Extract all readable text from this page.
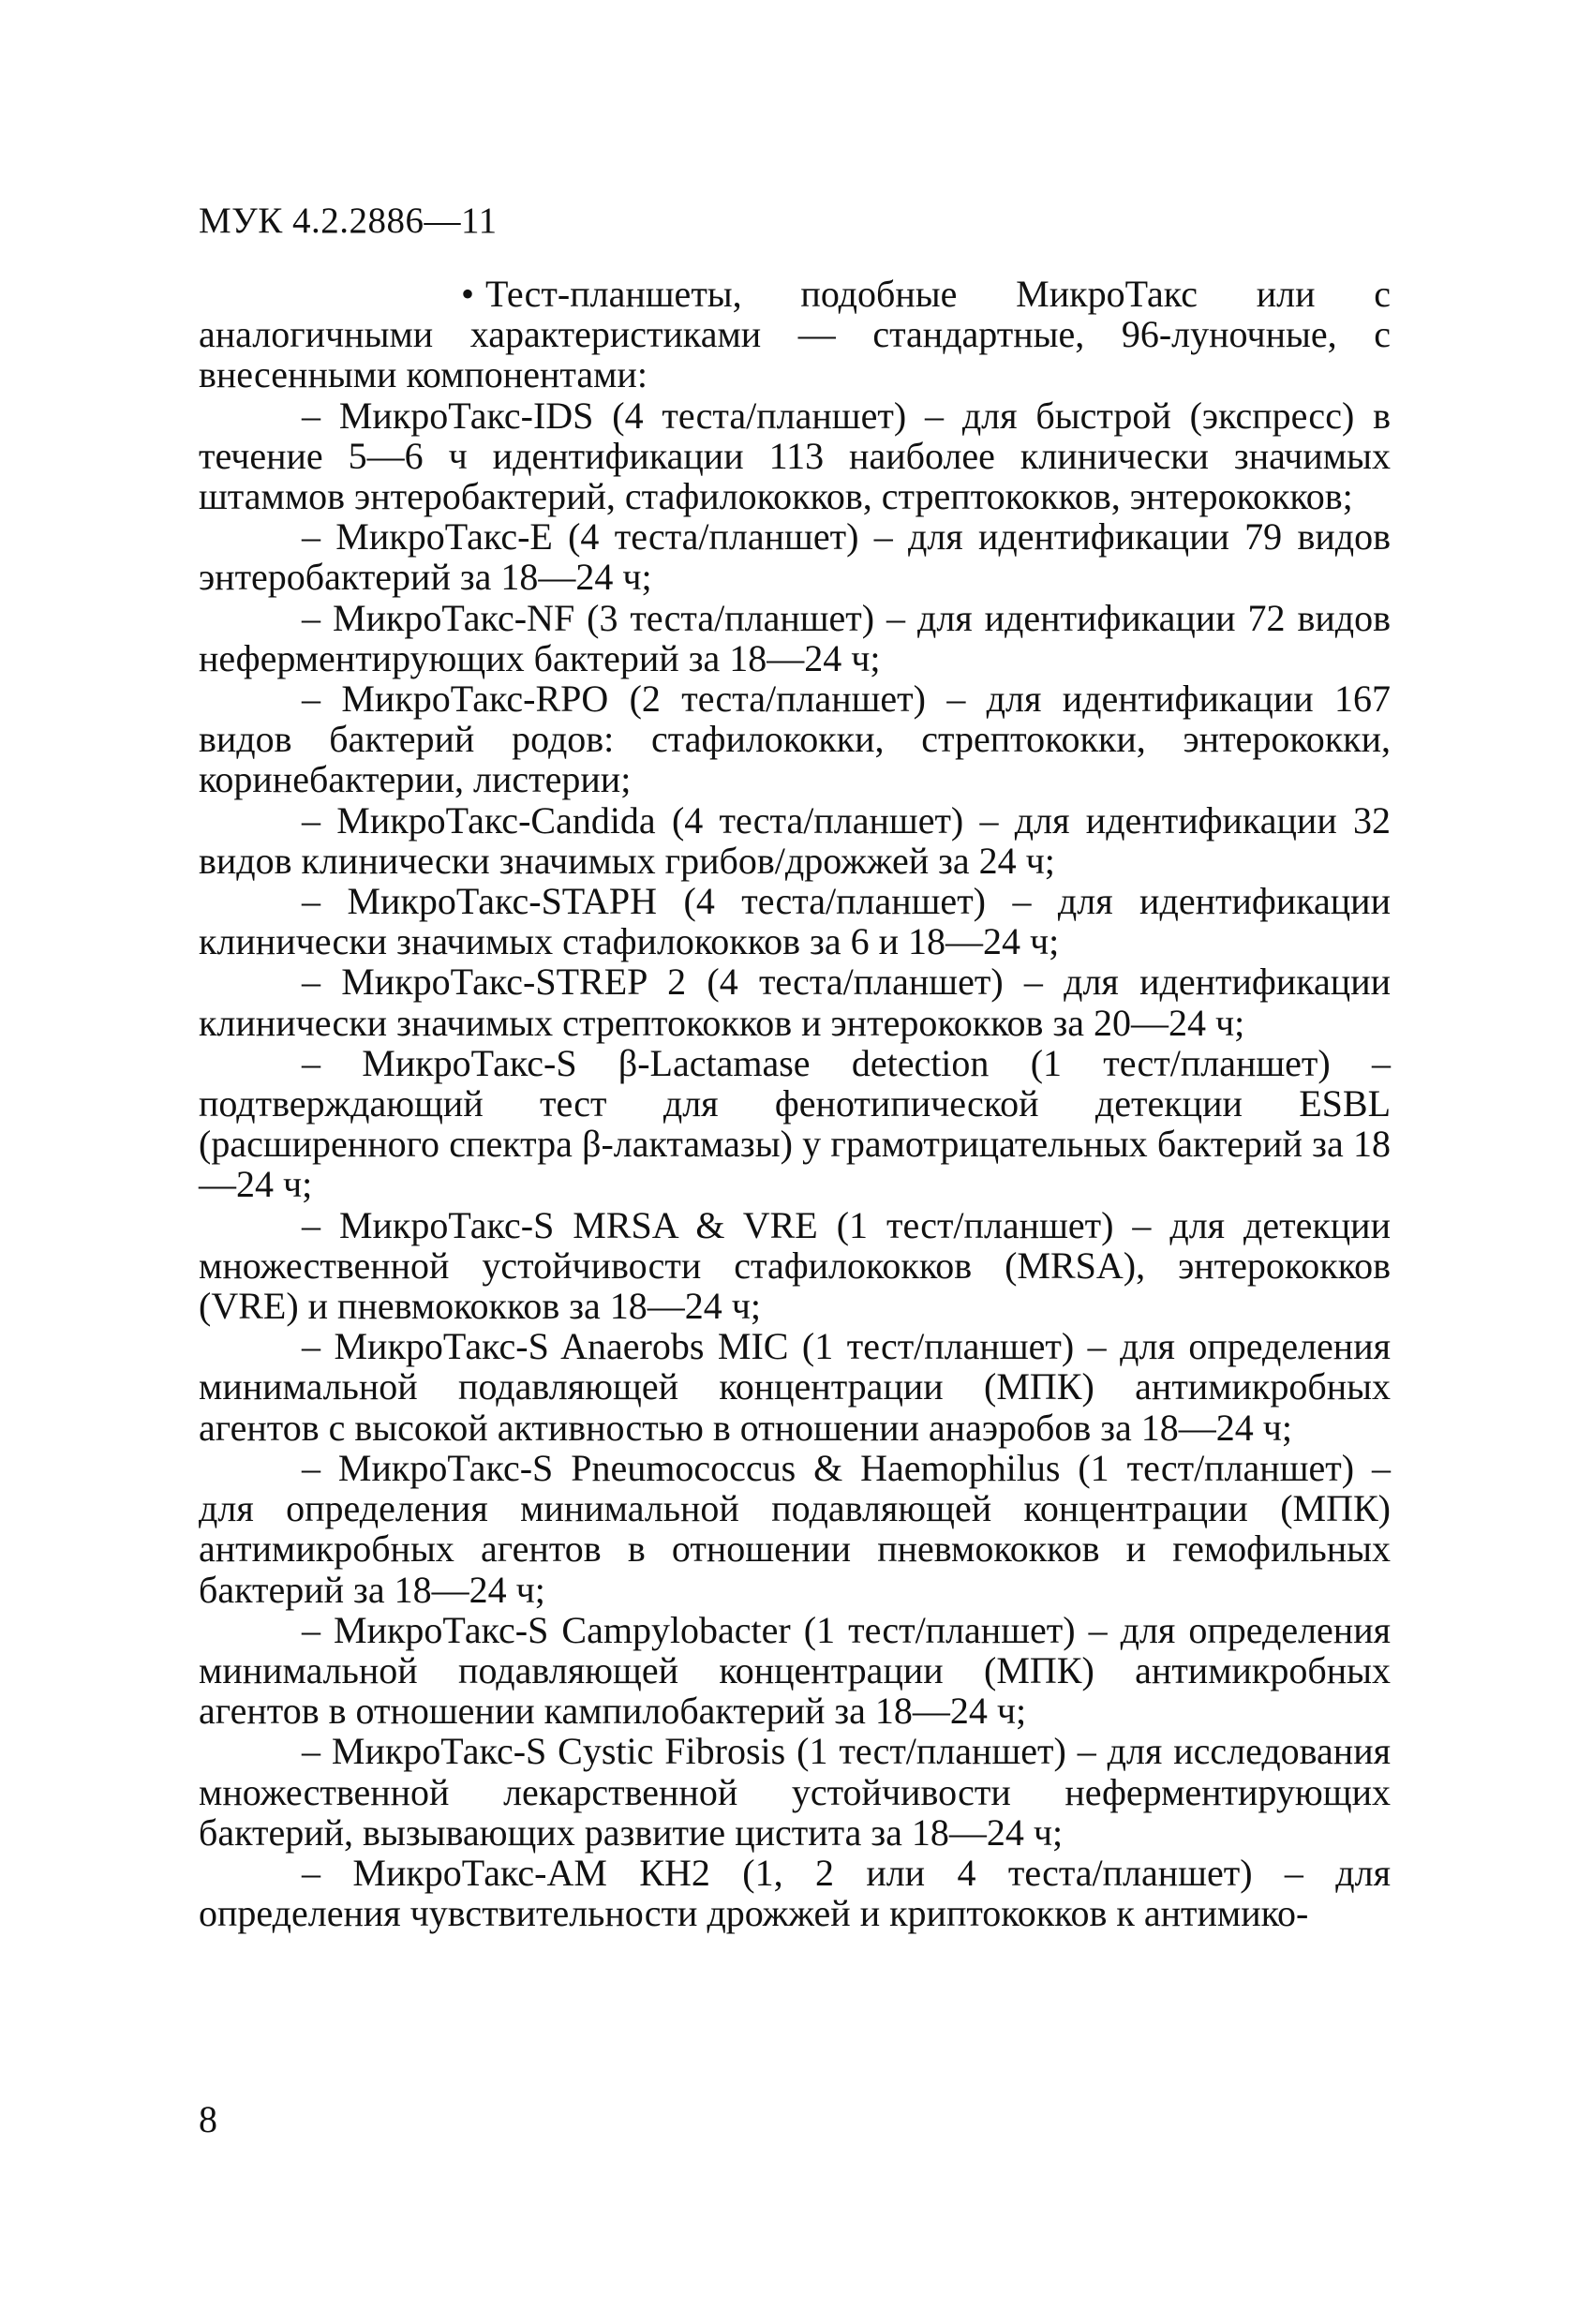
МУК 4.2.2886—11

• Тест-планшеты, подобные МикроТакс или с аналогичными характеристиками — стандартные, 96-луночные, с внесенными компонентами:

– МикроТакс-IDS (4 теста/планшет) – для быстрой (экспресс) в течение 5—6 ч идентификации 113 наиболее клинически значимых штаммов энтеробактерий, стафилококков, стрептококков, энтерококков;

– МикроТакс-Е (4 теста/планшет) – для идентификации 79 видов энтеробактерий за 18—24 ч;

– МикроТакс-NF (3 теста/планшет) – для идентификации 72 видов неферментирующих бактерий за 18—24 ч;

– МикроТакс-RPO (2 теста/планшет) – для идентификации 167 видов бактерий родов: стафилококки, стрептококки, энтерококки, коринебактерии, листерии;

– МикроТакс-Candida (4 теста/планшет) – для идентификации 32 видов клинически значимых грибов/дрожжей за 24 ч;

– МикроТакс-STAPH (4 теста/планшет) – для идентификации клинически значимых стафилококков за 6 и 18—24 ч;

– МикроТакс-STREP 2 (4 теста/планшет) – для идентификации клинически значимых стрептококков и энтерококков за 20—24 ч;

– МикроТакс-S β-Lactamase detection (1 тест/планшет) – подтверждающий тест для фенотипической детекции ESBL (расширенного спектра β-лактамазы) у грамотрицательных бактерий за 18—24 ч;

– МикроТакс-S MRSA & VRE (1 тест/планшет) – для детекции множественной устойчивости стафилококков (MRSA), энтерококков (VRE) и пневмококков за 18—24 ч;

– МикроТакс-S Anaerobs MIC (1 тест/планшет) – для определения минимальной подавляющей концентрации (МПК) антимикробных агентов с высокой активностью в отношении анаэробов за 18—24 ч;

– МикроТакс-S Pneumococcus & Haemophilus (1 тест/планшет) – для определения минимальной подавляющей концентрации (МПК) антимикробных агентов в отношении пневмококков и гемофильных бактерий за 18—24 ч;

– МикроТакс-S Campylobacter (1 тест/планшет) – для определения минимальной подавляющей концентрации (МПК) антимикробных агентов в отношении кампилобактерий за 18—24 ч;

– МикроТакс-S Cystic Fibrosis (1 тест/планшет) – для исследования множественной лекарственной устойчивости неферментирующих бактерий, вызывающих развитие цистита за 18—24 ч;

– МикроТакс-АМ КН2 (1, 2 или 4 теста/планшет) – для определения чувствительности дрожжей и криптококков к антимико-

8
